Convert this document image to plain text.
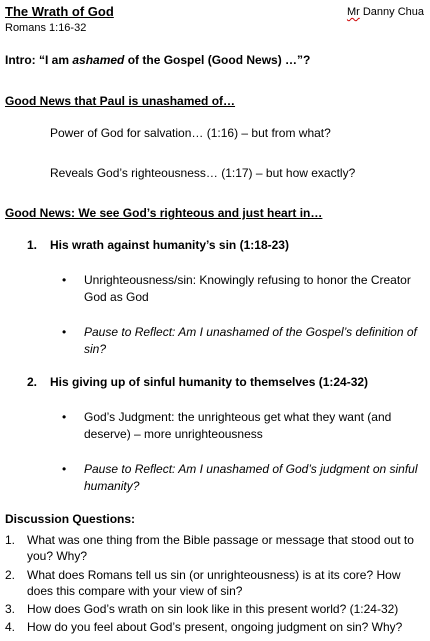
The Wrath of God	Mr Danny Chua
Romans 1:16-32
Intro: “I am ashamed of the Gospel (Good News) …”?
Good News that Paul is unashamed of…
Power of God for salvation… (1:16) – but from what?
Reveals God’s righteousness… (1:17) – but how exactly?
Good News: We see God’s righteous and just heart in…
1. His wrath against humanity’s sin (1:18-23)
• Unrighteousness/sin: Knowingly refusing to honor the Creator God as God
• Pause to Reflect: Am I unashamed of the Gospel’s definition of sin?
2. His giving up of sinful humanity to themselves (1:24-32)
• God’s Judgment: the unrighteous get what they want (and deserve) – more unrighteousness
• Pause to Reflect: Am I unashamed of God’s judgment on sinful humanity?
Discussion Questions:
1. What was one thing from the Bible passage or message that stood out to you? Why?
2. What does Romans tell us sin (or unrighteousness) is at its core? How does this compare with your view of sin?
3. How does God’s wrath on sin look like in this present world? (1:24-32)
4. How do you feel about God’s present, ongoing judgment on sin? Why?
